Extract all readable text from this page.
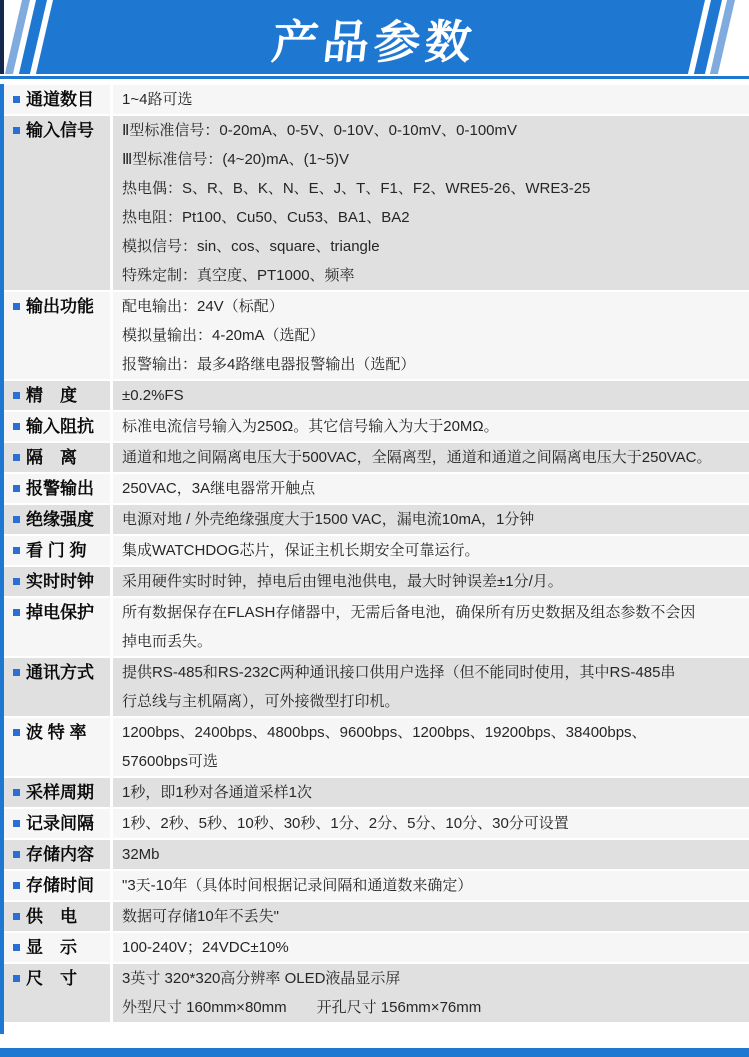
产品参数
通道数目 1~4路可选
输入信号 Ⅱ型标准信号：0-20mA、0-5V、0-10V、0-10mV、0-100mV
Ⅲ型标准信号：(4~20)mA、(1~5)V
热电偶：S、R、B、K、N、E、J、T、F1、F2、WRE5-26、WRE3-25
热电阻：Pt100、Cu50、Cu53、BA1、BA2
模拟信号：sin、cos、square、triangle
特殊定制：真空度、PT1000、频率
输出功能 配电输出：24V（标配）
模拟量输出：4-20mA（选配）
报警输出：最多4路继电器报警输出（选配）
精　度	±0.2%FS
输入阻抗 标准电流信号输入为250Ω。其它信号输入为大于20MΩ。
隔　离	通道和地之间隔离电压大于500VAC，全隔离型，通道和通道之间隔离电压大于250VAC。
报警输出 250VAC，3A继电器常开触点
绝缘强度 电源对地 / 外壳绝缘强度大于1500 VAC，漏电流10mA，1分钟
看 门 狗 集成WATCHDOG芯片，保证主机长期安全可靠运行。
实时时钟 采用硬件实时时钟，掉电后由锂电池供电，最大时钟误差±1分/月。
掉电保护 所有数据保存在FLASH存储器中，无需后备电池，确保所有历史数据及组态参数不会因
掉电而丢失。
通讯方式 提供RS-485和RS-232C两种通讯接口供用户选择（但不能同时使用，其中RS-485串
行总线与主机隔离），可外接微型打印机。
波 特 率 1200bps、2400bps、4800bps、9600bps、1200bps、19200bps、38400bps、
57600bps可选
采样周期 1秒，即1秒对各通道采样1次
记录间隔 1秒、2秒、5秒、10秒、30秒、1分、2分、5分、10分、30分可设置
存储内容 32Mb
存储时间 "3天-10年（具体时间根据记录间隔和通道数来确定）
供　电	数据可存储10年不丢失"
显　示	100-240V；24VDC±10%
尺　寸	3英寸 320*320高分辨率 OLED液晶显示屏
外型尺寸 160mm×80mm　　开孔尺寸 156mm×76mm
